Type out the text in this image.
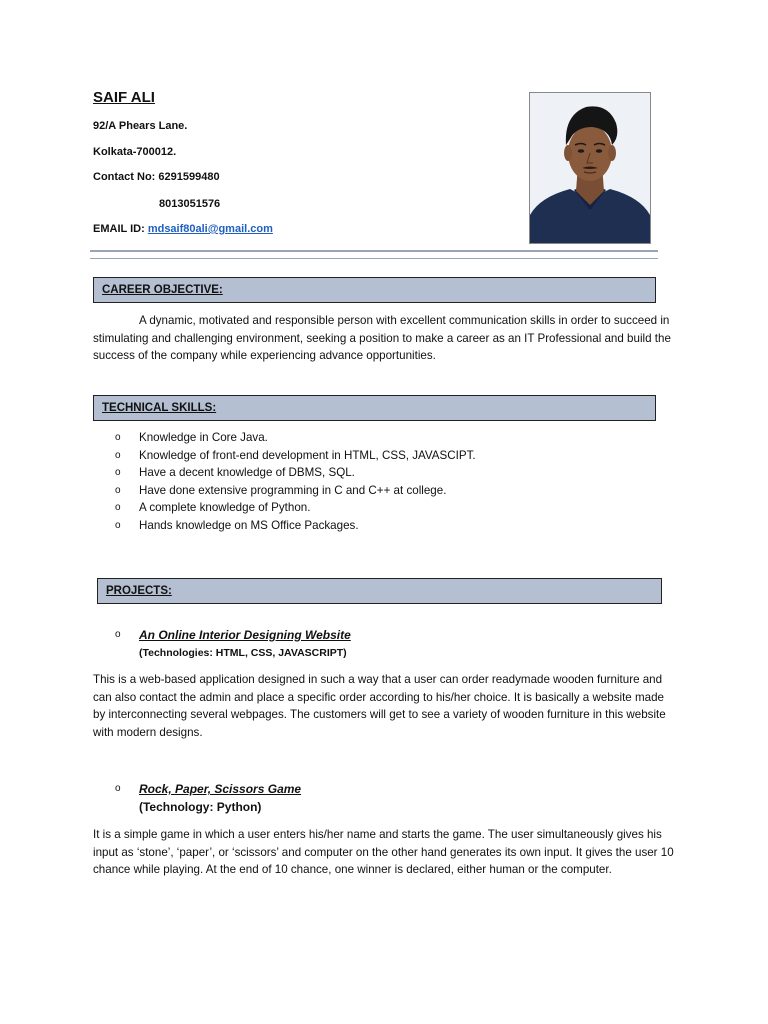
SAIF ALI
92/A Phears Lane.
Kolkata-700012.
Contact No: 6291599480
8013051576
EMAIL ID: mdsaif80ali@gmail.com
CAREER OBJECTIVE:
A dynamic, motivated and responsible person with excellent communication skills in order to succeed in stimulating and challenging environment, seeking a position to make a career as an IT Professional and build the success of the company while experiencing advance opportunities.
TECHNICAL SKILLS:
o Knowledge in Core Java.
o Knowledge of front-end development in HTML, CSS, JAVASCIPT.
o Have a decent knowledge of DBMS, SQL.
o Have done extensive programming in C and C++ at college.
o A complete knowledge of Python.
o Hands knowledge on MS Office Packages.
PROJECTS:
o An Online Interior Designing Website
(Technologies: HTML, CSS, JAVASCRIPT)
This is a web-based application designed in such a way that a user can order readymade wooden furniture and can also contact the admin and place a specific order according to his/her choice. It is basically a website made by interconnecting several webpages. The customers will get to see a variety of wooden furniture in this website with modern designs.
o Rock, Paper, Scissors Game
(Technology: Python)
It is a simple game in which a user enters his/her name and starts the game. The user simultaneously gives his input as ‘stone’, ‘paper’, or ‘scissors’ and computer on the other hand generates its own input. It gives the user 10 chance while playing. At the end of 10 chance, one winner is declared, either human or the computer.
